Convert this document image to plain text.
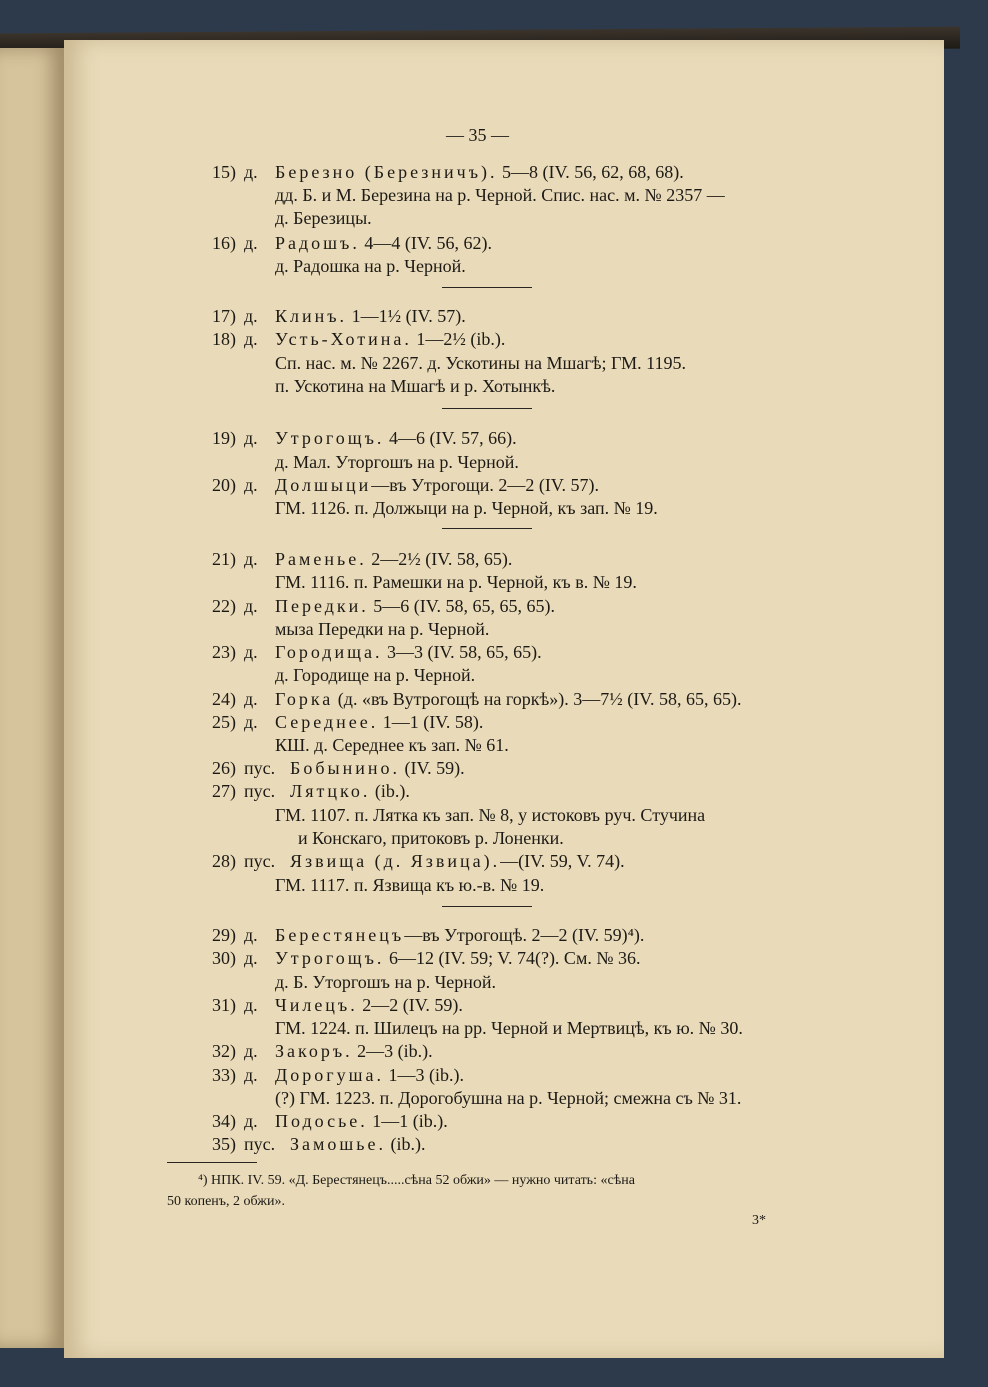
— 35 —
15) д. Березно (Березничъ). 5—8 (IV. 56, 62, 68, 68).
дд. Б. и М. Березина на р. Черной. Спис. нас. м. № 2357 —
д. Березицы.
16) д. Радошъ. 4—4 (IV. 56, 62).
д. Радошка на р. Черной.
17) д. Клинъ. 1—1½ (IV. 57).
18) д. Усть-Хотина. 1—2½ (ib.).
Сп. нас. м. № 2267. д. Ускотины на Мшагѣ; ГМ. 1195.
п. Ускотина на Мшагѣ и р. Хотынкѣ.
19) д. Утрогощъ. 4—6 (IV. 57, 66).
д. Мал. Уторгошъ на р. Черной.
20) д. Долшыци—въ Утрогощи. 2—2 (IV. 57).
ГМ. 1126. п. Должыци на р. Черной, къ зап. № 19.
21) д. Раменье. 2—2½ (IV. 58, 65).
ГМ. 1116. п. Рамешки на р. Черной, къ в. № 19.
22) д. Передки. 5—6 (IV. 58, 65, 65, 65).
мыза Передки на р. Черной.
23) д. Городища. 3—3 (IV. 58, 65, 65).
д. Городище на р. Черной.
24) д. Горка (д. «въ Вутрогощѣ на горкѣ»). 3—7½ (IV. 58, 65, 65).
25) д. Середнее. 1—1 (IV. 58).
КШ. д. Середнее къ зап. № 61.
26) пус. Бобынино. (IV. 59).
27) пус. Лятцко. (ib.).
ГМ. 1107. п. Лятка къ зап. № 8, у истоковъ руч. Стучина
и Конскаго, притоковъ р. Лоненки.
28) пус. Язвища (д. Язвица).—(IV. 59, V. 74).
ГМ. 1117. п. Язвища къ ю.-в. № 19.
29) д. Берестянецъ—въ Утрогощѣ. 2—2 (IV. 59)⁴).
30) д. Утрогощъ. 6—12 (IV. 59; V. 74(?). См. № 36.
д. Б. Уторгошъ на р. Черной.
31) д. Чилецъ. 2—2 (IV. 59).
ГМ. 1224. п. Шилецъ на рр. Черной и Мертвицѣ, къ ю. № 30.
32) д. Закоръ. 2—3 (ib.).
33) д. Дорогуша. 1—3 (ib.).
(?) ГМ. 1223. п. Дорогобушна на р. Черной; смежна съ № 31.
34) д. Подосье. 1—1 (ib.).
35) пус. Замошье. (ib.).
⁴) НПК. IV. 59. «Д. Берестянецъ.....сѣна 52 обжи» — нужно читать: «сѣна
50 копенъ, 2 обжи».
3*
